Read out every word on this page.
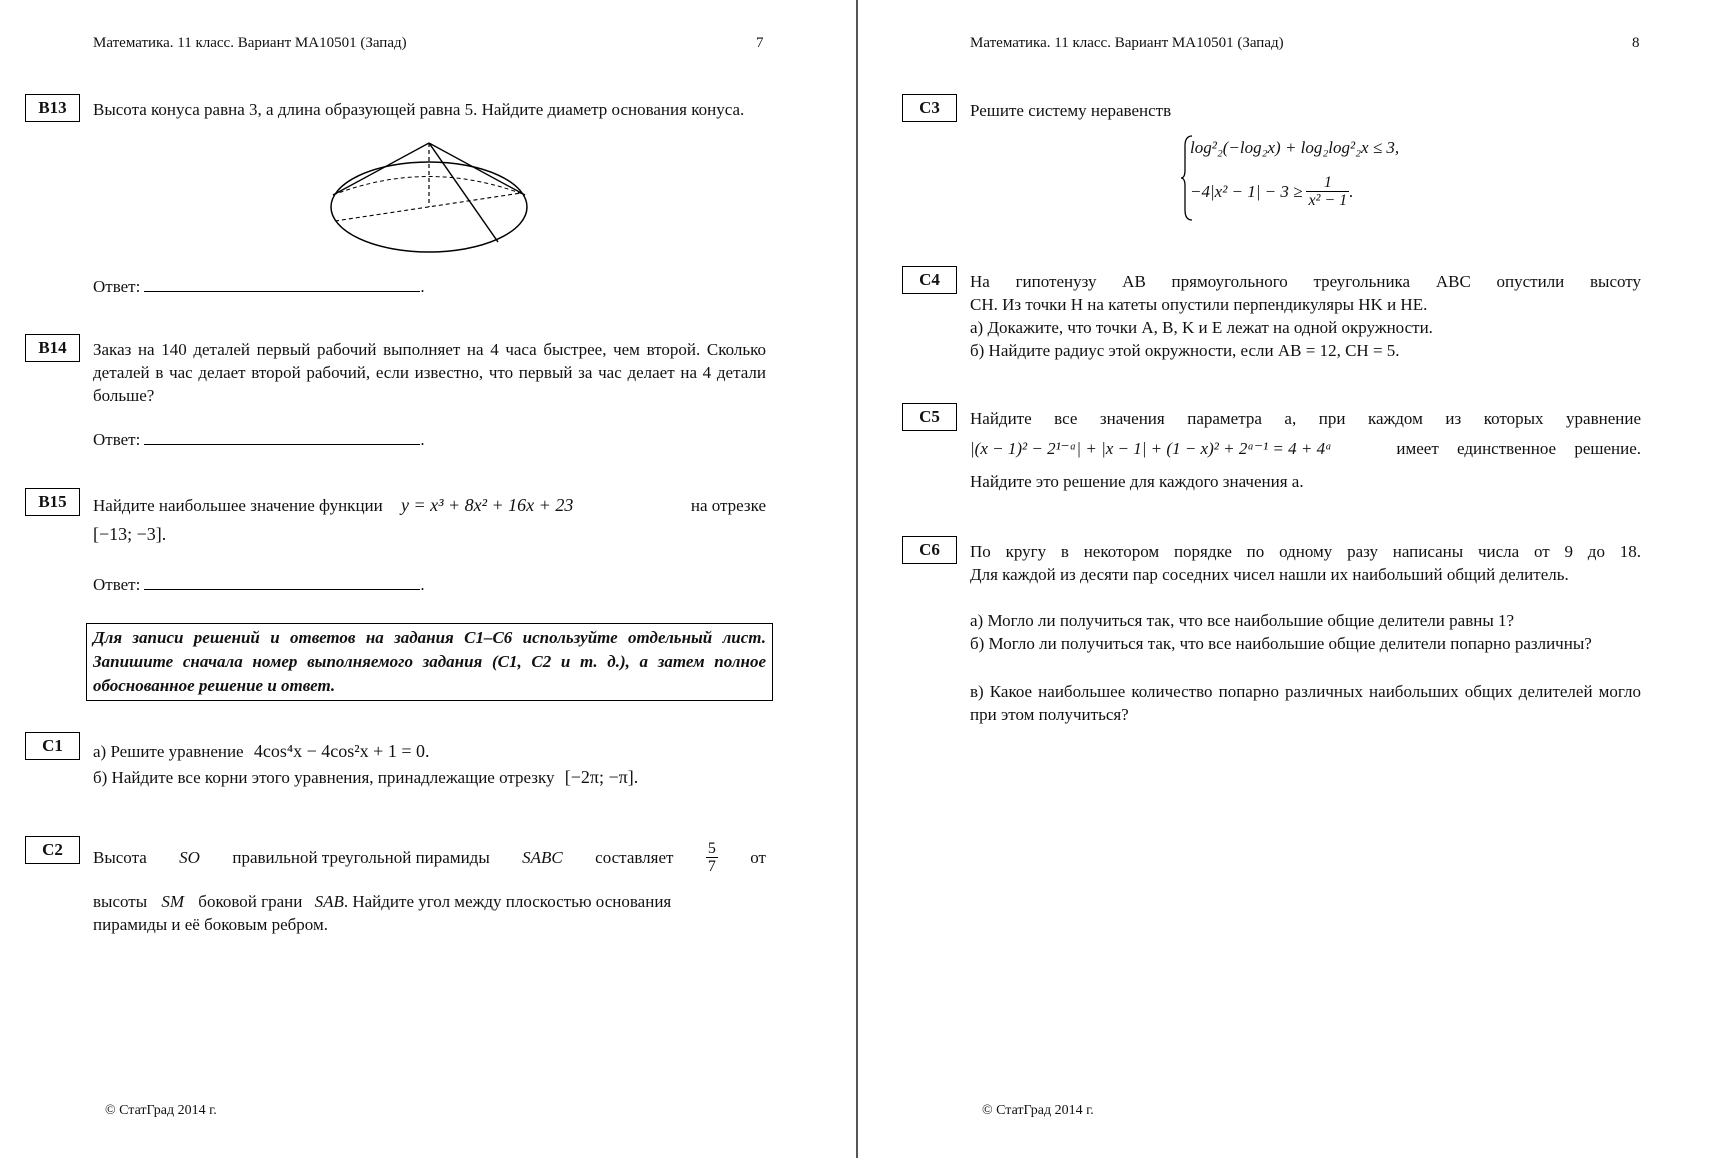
Математика. 11 класс. Вариант МА10501 (Запад)	7
B13	Высота конуса равна 3, а длина образующей равна 5. Найдите диаметр основания конуса.
Ответ:	.
B14	Заказ на 140 деталей первый рабочий выполняет на 4 часа быстрее, чем второй. Сколько деталей в час делает второй рабочий, если известно, что первый за час делает на 4 детали больше?
Ответ:	.
B15	Найдите наибольшее значение функции y = x³ + 8x² + 16x + 23	на отрезке
[−13; −3].
Ответ:	.
Для записи решений и ответов на задания С1–С6 используйте отдельный лист. Запишите сначала номер выполняемого задания (С1, С2 и т. д.), а затем полное обоснованное решение и ответ.
C1	а) Решите уравнение 4cos⁴x − 4cos²x + 1 = 0.
б) Найдите все корни этого уравнения, принадлежащие отрезку [−2π; −π].
C2	Высота SO правильной треугольной пирамиды SABC составляет $\frac{5}{7}$ от
высоты SM боковой грани SAB. Найдите угол между плоскостью основания
пирамиды и её боковым ребром.
© СтатГрад 2014 г.
Математика. 11 класс. Вариант МА10501 (Запад)	8
C3	Решите систему неравенств
log²₂(−log₂x) + log₂log²₂x ≤ 3,
$-4|x^2 - 1| - 3 \ge \frac{1}{\text{x² − 1}}$ .
C4	На гипотенузу AB прямоугольного треугольника ABC опустили высоту
CH. Из точки H на катеты опустили перпендикуляры HK и HE.
а) Докажите, что точки A, B, K и E лежат на одной окружности.
б) Найдите радиус этой окружности, если AB = 12, CH = 5.
C5	Найдите все значения параметра a, при каждом из которых уравнение
|(x − 1)² − 2¹⁻ᵃ| + |x − 1| + (1 − x)² + 2ᵃ⁻¹ = 4 + 4ᵃ	имеет единственное решение.
Найдите это решение для каждого значения a.
C6	По кругу в некотором порядке по одному разу написаны числа от 9 до 18.
Для каждой из десяти пар соседних чисел нашли их наибольший общий делитель.
а) Могло ли получиться так, что все наибольшие общие делители равны 1?
б) Могло ли получиться так, что все наибольшие общие делители попарно различны?
в) Какое наибольшее количество попарно различных наибольших общих делителей могло при этом получиться?
© СтатГрад 2014 г.
